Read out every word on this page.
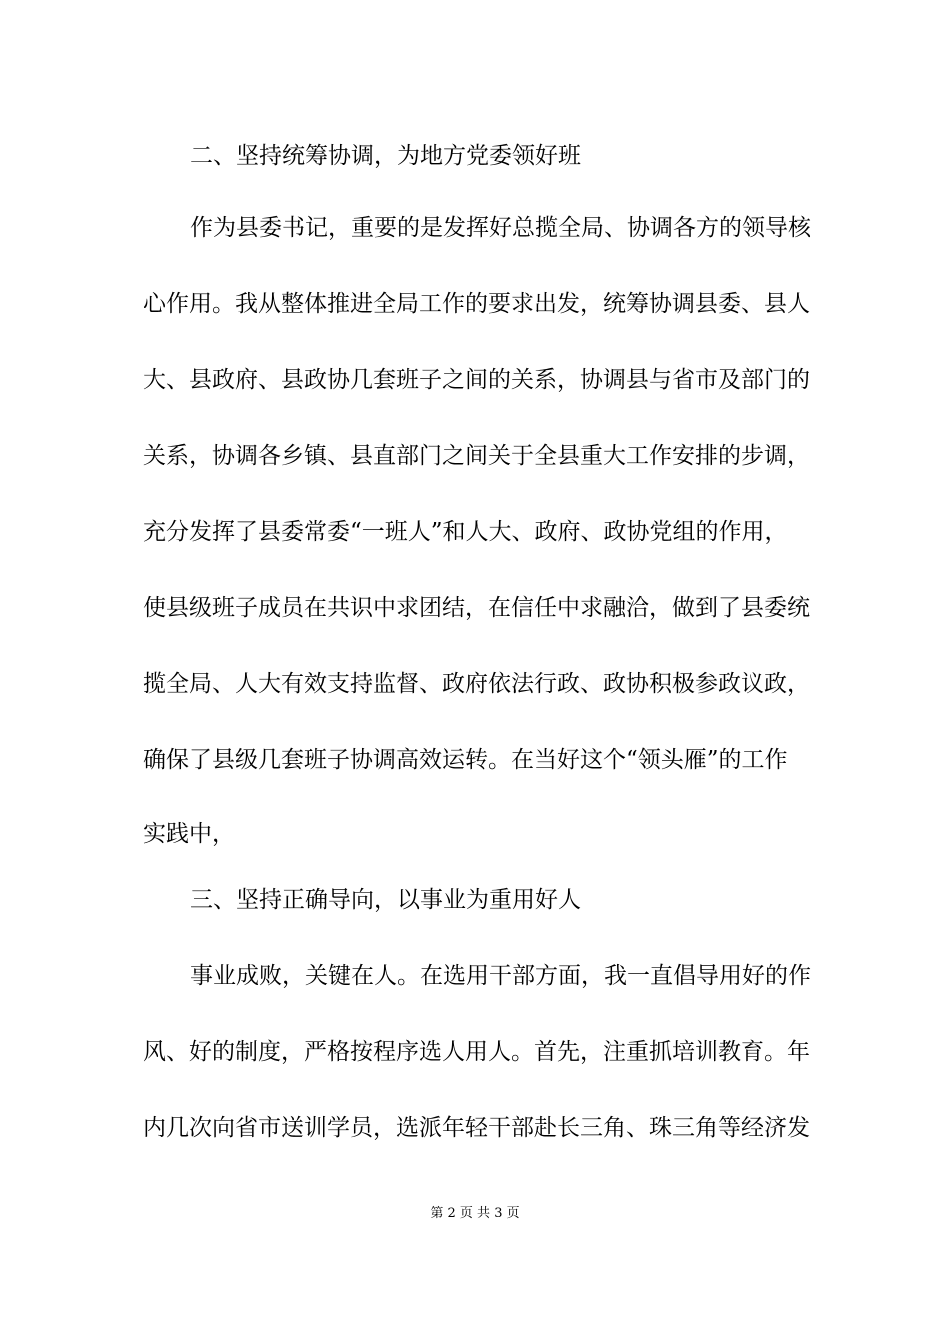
二、坚持统筹协调，为地方党委领好班
作为县委书记，重要的是发挥好总揽全局、协调各方的领导核
心作用。我从整体推进全局工作的要求出发，统筹协调县委、县人
大、县政府、县政协几套班子之间的关系，协调县与省市及部门的
关系，协调各乡镇、县直部门之间关于全县重大工作安排的步调，
充分发挥了县委常委“一班人”和人大、政府、政协党组的作用，
使县级班子成员在共识中求团结，在信任中求融洽，做到了县委统
揽全局、人大有效支持监督、政府依法行政、政协积极参政议政，
确保了县级几套班子协调高效运转。在当好这个“领头雁”的工作
实践中，
三、坚持正确导向，以事业为重用好人
事业成败，关键在人。在选用干部方面，我一直倡导用好的作
风、好的制度，严格按程序选人用人。首先，注重抓培训教育。年
内几次向省市送训学员，选派年轻干部赴长三角、珠三角等经济发
第 2 页 共 3 页
